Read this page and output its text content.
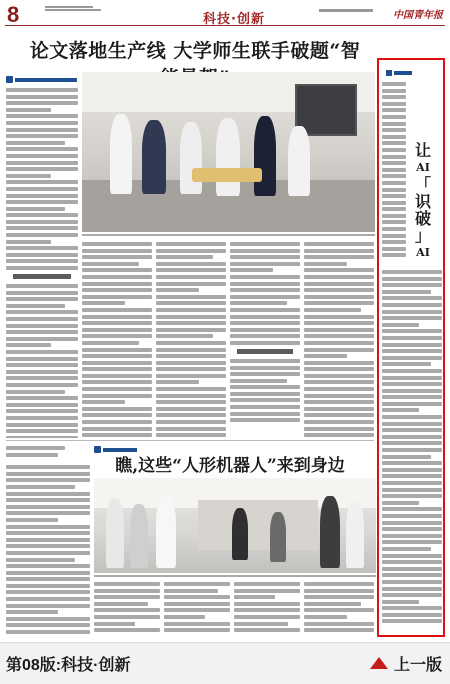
8	科技·创新	中国青年报
论文落地生产线 大学师生联手破题“智
瞧,这些“人形机器人”来到身边
让
AI
「
识
破
」
AI
第08版:科技·创新	上一版
